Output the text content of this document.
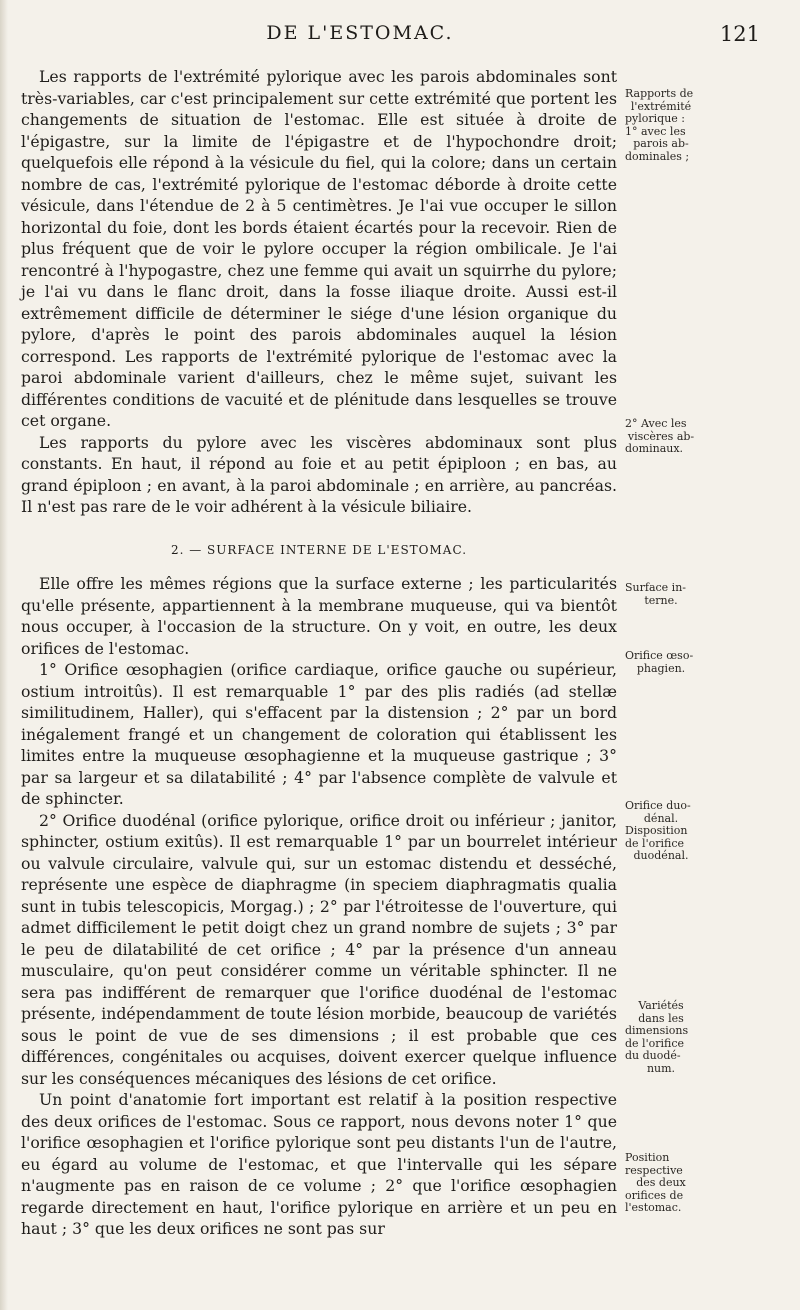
DE L'ESTOMAC.	121

Les rapports de l'extrémité pylorique avec les parois abdominales sont très-variables, car c'est principalement sur cette extrémité que portent les changements de situation de l'estomac. Elle est située à droite de l'épigastre, sur la limite de l'épigastre et de l'hypochondre droit; quelquefois elle répond à la vésicule du fiel, qui la colore; dans un certain nombre de cas, l'extrémité pylorique de l'estomac déborde à droite cette vésicule, dans l'étendue de 2 à 5 centimètres. Je l'ai vue occuper le sillon horizontal du foie, dont les bords étaient écartés pour la recevoir. Rien de plus fréquent que de voir le pylore occuper la région ombilicale. Je l'ai rencontré à l'hypogastre, chez une femme qui avait un squirrhe du pylore; je l'ai vu dans le flanc droit, dans la fosse iliaque droite. Aussi est-il extrêmement difficile de déterminer le siége d'une lésion organique du pylore, d'après le point des parois abdominales auquel la lésion correspond. Les rapports de l'extrémité pylorique de l'estomac avec la paroi abdominale varient d'ailleurs, chez le même sujet, suivant les différentes conditions de vacuité et de plénitude dans lesquelles se trouve cet organe.

Les rapports du pylore avec les viscères abdominaux sont plus constants. En haut, il répond au foie et au petit épiploon ; en bas, au grand épiploon ; en avant, à la paroi abdominale ; en arrière, au pancréas. Il n'est pas rare de le voir adhérent à la vésicule biliaire.

2. — SURFACE INTERNE DE L'ESTOMAC.

Elle offre les mêmes régions que la surface externe ; les particularités qu'elle présente, appartiennent à la membrane muqueuse, qui va bientôt nous occuper, à l'occasion de la structure. On y voit, en outre, les deux orifices de l'estomac.

1° Orifice œsophagien (orifice cardiaque, orifice gauche ou supérieur, ostium introitûs). Il est remarquable 1° par des plis radiés (ad stellæ similitudinem, Haller), qui s'effacent par la distension ; 2° par un bord inégalement frangé et un changement de coloration qui établissent les limites entre la muqueuse œsophagienne et la muqueuse gastrique ; 3° par sa largeur et sa dilatabilité ; 4° par l'absence complète de valvule et de sphincter.

2° Orifice duodénal (orifice pylorique, orifice droit ou inférieur ; janitor, sphincter, ostium exitûs). Il est remarquable 1° par un bourrelet intérieur ou valvule circulaire, valvule qui, sur un estomac distendu et desséché, représente une espèce de diaphragme (in speciem diaphragmatis qualia sunt in tubis telescopicis, Morgag.) ; 2° par l'étroitesse de l'ouverture, qui admet difficilement le petit doigt chez un grand nombre de sujets ; 3° par le peu de dilatabilité de cet orifice ; 4° par la présence d'un anneau musculaire, qu'on peut considérer comme un véritable sphincter. Il ne sera pas indifférent de remarquer que l'orifice duodénal de l'estomac présente, indépendamment de toute lésion morbide, beaucoup de variétés sous le point de vue de ses dimensions ; il est probable que ces différences, congénitales ou acquises, doivent exercer quelque influence sur les conséquences mécaniques des lésions de cet orifice.

Un point d'anatomie fort important est relatif à la position respective des deux orifices de l'estomac. Sous ce rapport, nous devons noter 1° que l'orifice œsophagien et l'orifice pylorique sont peu distants l'un de l'autre, eu égard au volume de l'estomac, et que l'intervalle qui les sépare n'augmente pas en raison de ce volume ; 2° que l'orifice œsophagien regarde directement en haut, l'orifice pylorique en arrière et un peu en haut ; 3° que les deux orifices ne sont pas sur

Rapports de
l'extrémité
pylorique :
1° avec les
parois ab-
dominales ;
2° Avec les
viscères ab-
dominaux.
Surface in-
terne.
Orifice œso-
phagien.
Orifice duo-
dénal.
Disposition
de l'orifice
duodénal.
Variétés
dans les
dimensions
de l'orifice
du duodé-
num.
Position
respective
des deux
orifices de
l'estomac.
